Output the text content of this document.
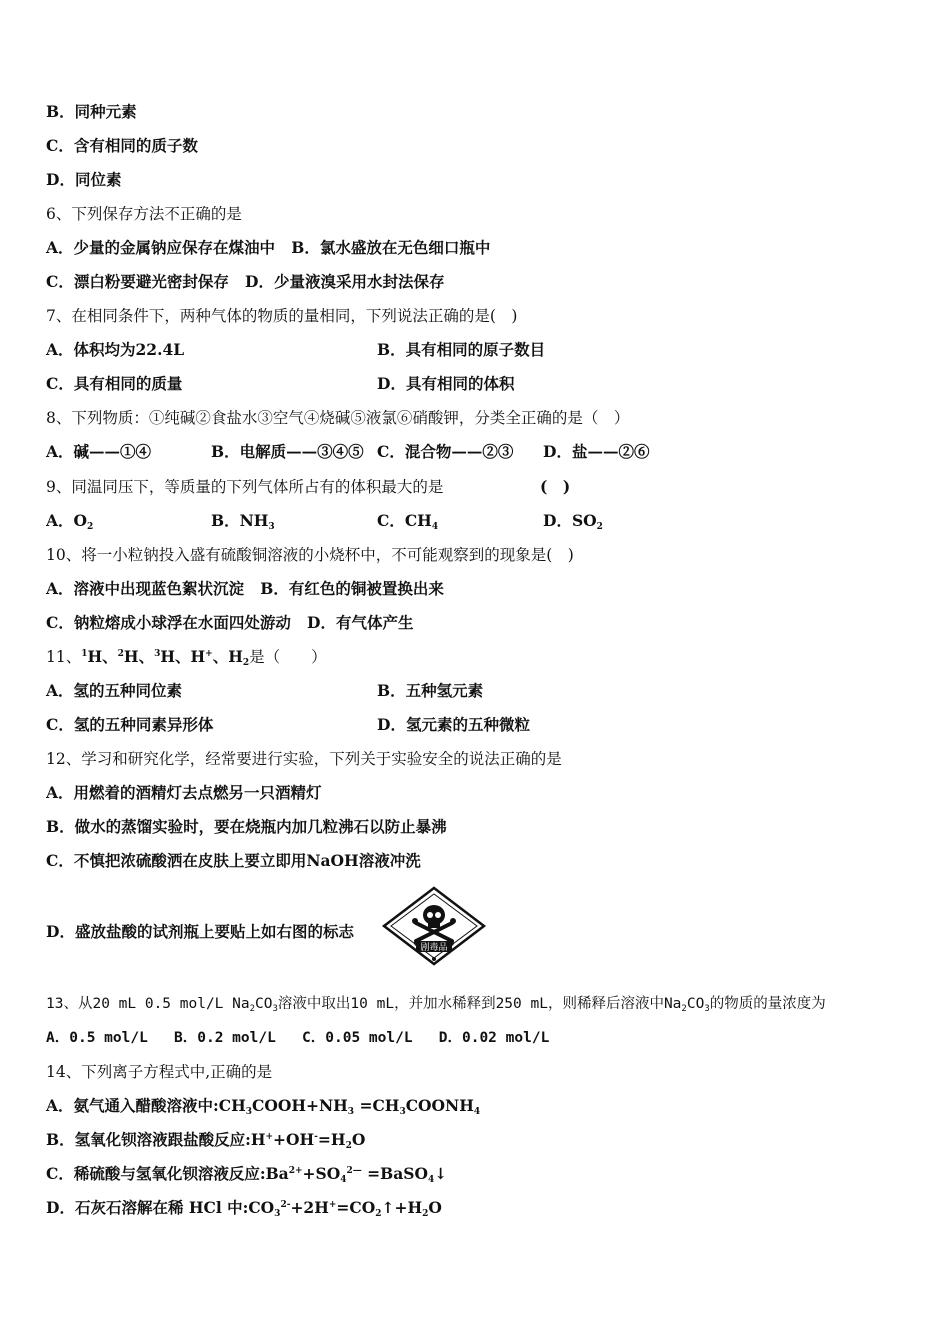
B．同种元素
C．含有相同的质子数
D．同位素
6、下列保存方法不正确的是
A．少量的金属钠应保存在煤油中 B．氯水盛放在无色细口瓶中
C．漂白粉要避光密封保存 D．少量液溴采用水封法保存
7、在相同条件下，两种气体的物质的量相同，下列说法正确的是(　)
A．体积均为22.4L	B．具有相同的原子数目
C．具有相同的质量	D．具有相同的体积
8、下列物质：①纯碱②食盐水③空气④烧碱⑤液氯⑥硝酸钾，分类全正确的是（　）
A．碱——①④	B．电解质——③④⑤ C．混合物——②③ D．盐——②⑥
9、同温同压下，等质量的下列气体所占有的体积最大的是	(　)
A．$O_2$	B．$NH_3$	C．$CH_4$	D．$SO_2$
10、将一小粒钠投入盛有硫酸铜溶液的小烧杯中，不可能观察到的现象是(　)
A．溶液中出现蓝色絮状沉淀 B．有红色的铜被置换出来
C．钠粒熔成小球浮在水面四处游动 D．有气体产生
11、$^1$H、$^2$H、$^3$H、H+、$H_2$是（　　）
A．氢的五种同位素	B．五种氢元素
C．氢的五种同素异形体	D．氢元素的五种微粒
12、学习和研究化学，经常要进行实验，下列关于实验安全的说法正确的是
A．用燃着的酒精灯去点燃另一只酒精灯
B．做水的蒸馏实验时，要在烧瓶内加几粒沸石以防止暴沸
C．不慎把浓硫酸洒在皮肤上要立即用NaOH溶液冲洗
D．盛放盐酸的试剂瓶上要贴上如右图的标志
剧毒品
13、从20 mL 0.5 mol/L $Na_2CO_3$溶液中取出10 mL，并加水稀释到250 mL，则稀释后溶液中$Na_2CO_3$的物质的量浓度为
A．0.5 mol/L B．0.2 mol/L C．0.05 mol/L D．0.02 mol/L
14、下列离子方程式中,正确的是
A．氨气通入醋酸溶液中$:CH_3COOH+NH_3$ $=CH_3COONH_4$
B．氢氧化钡溶液跟盐酸反应$:H^++OH^-=H_2O$
C．稀硫酸与氢氧化钡溶液反应$:Ba^{2+}+SO_4^{2—}$ =BaSO$_4$↓
D．石灰石溶解在稀 HCl 中$:CO_3^{2-}+2H^+=CO_2↑+H_2O$
